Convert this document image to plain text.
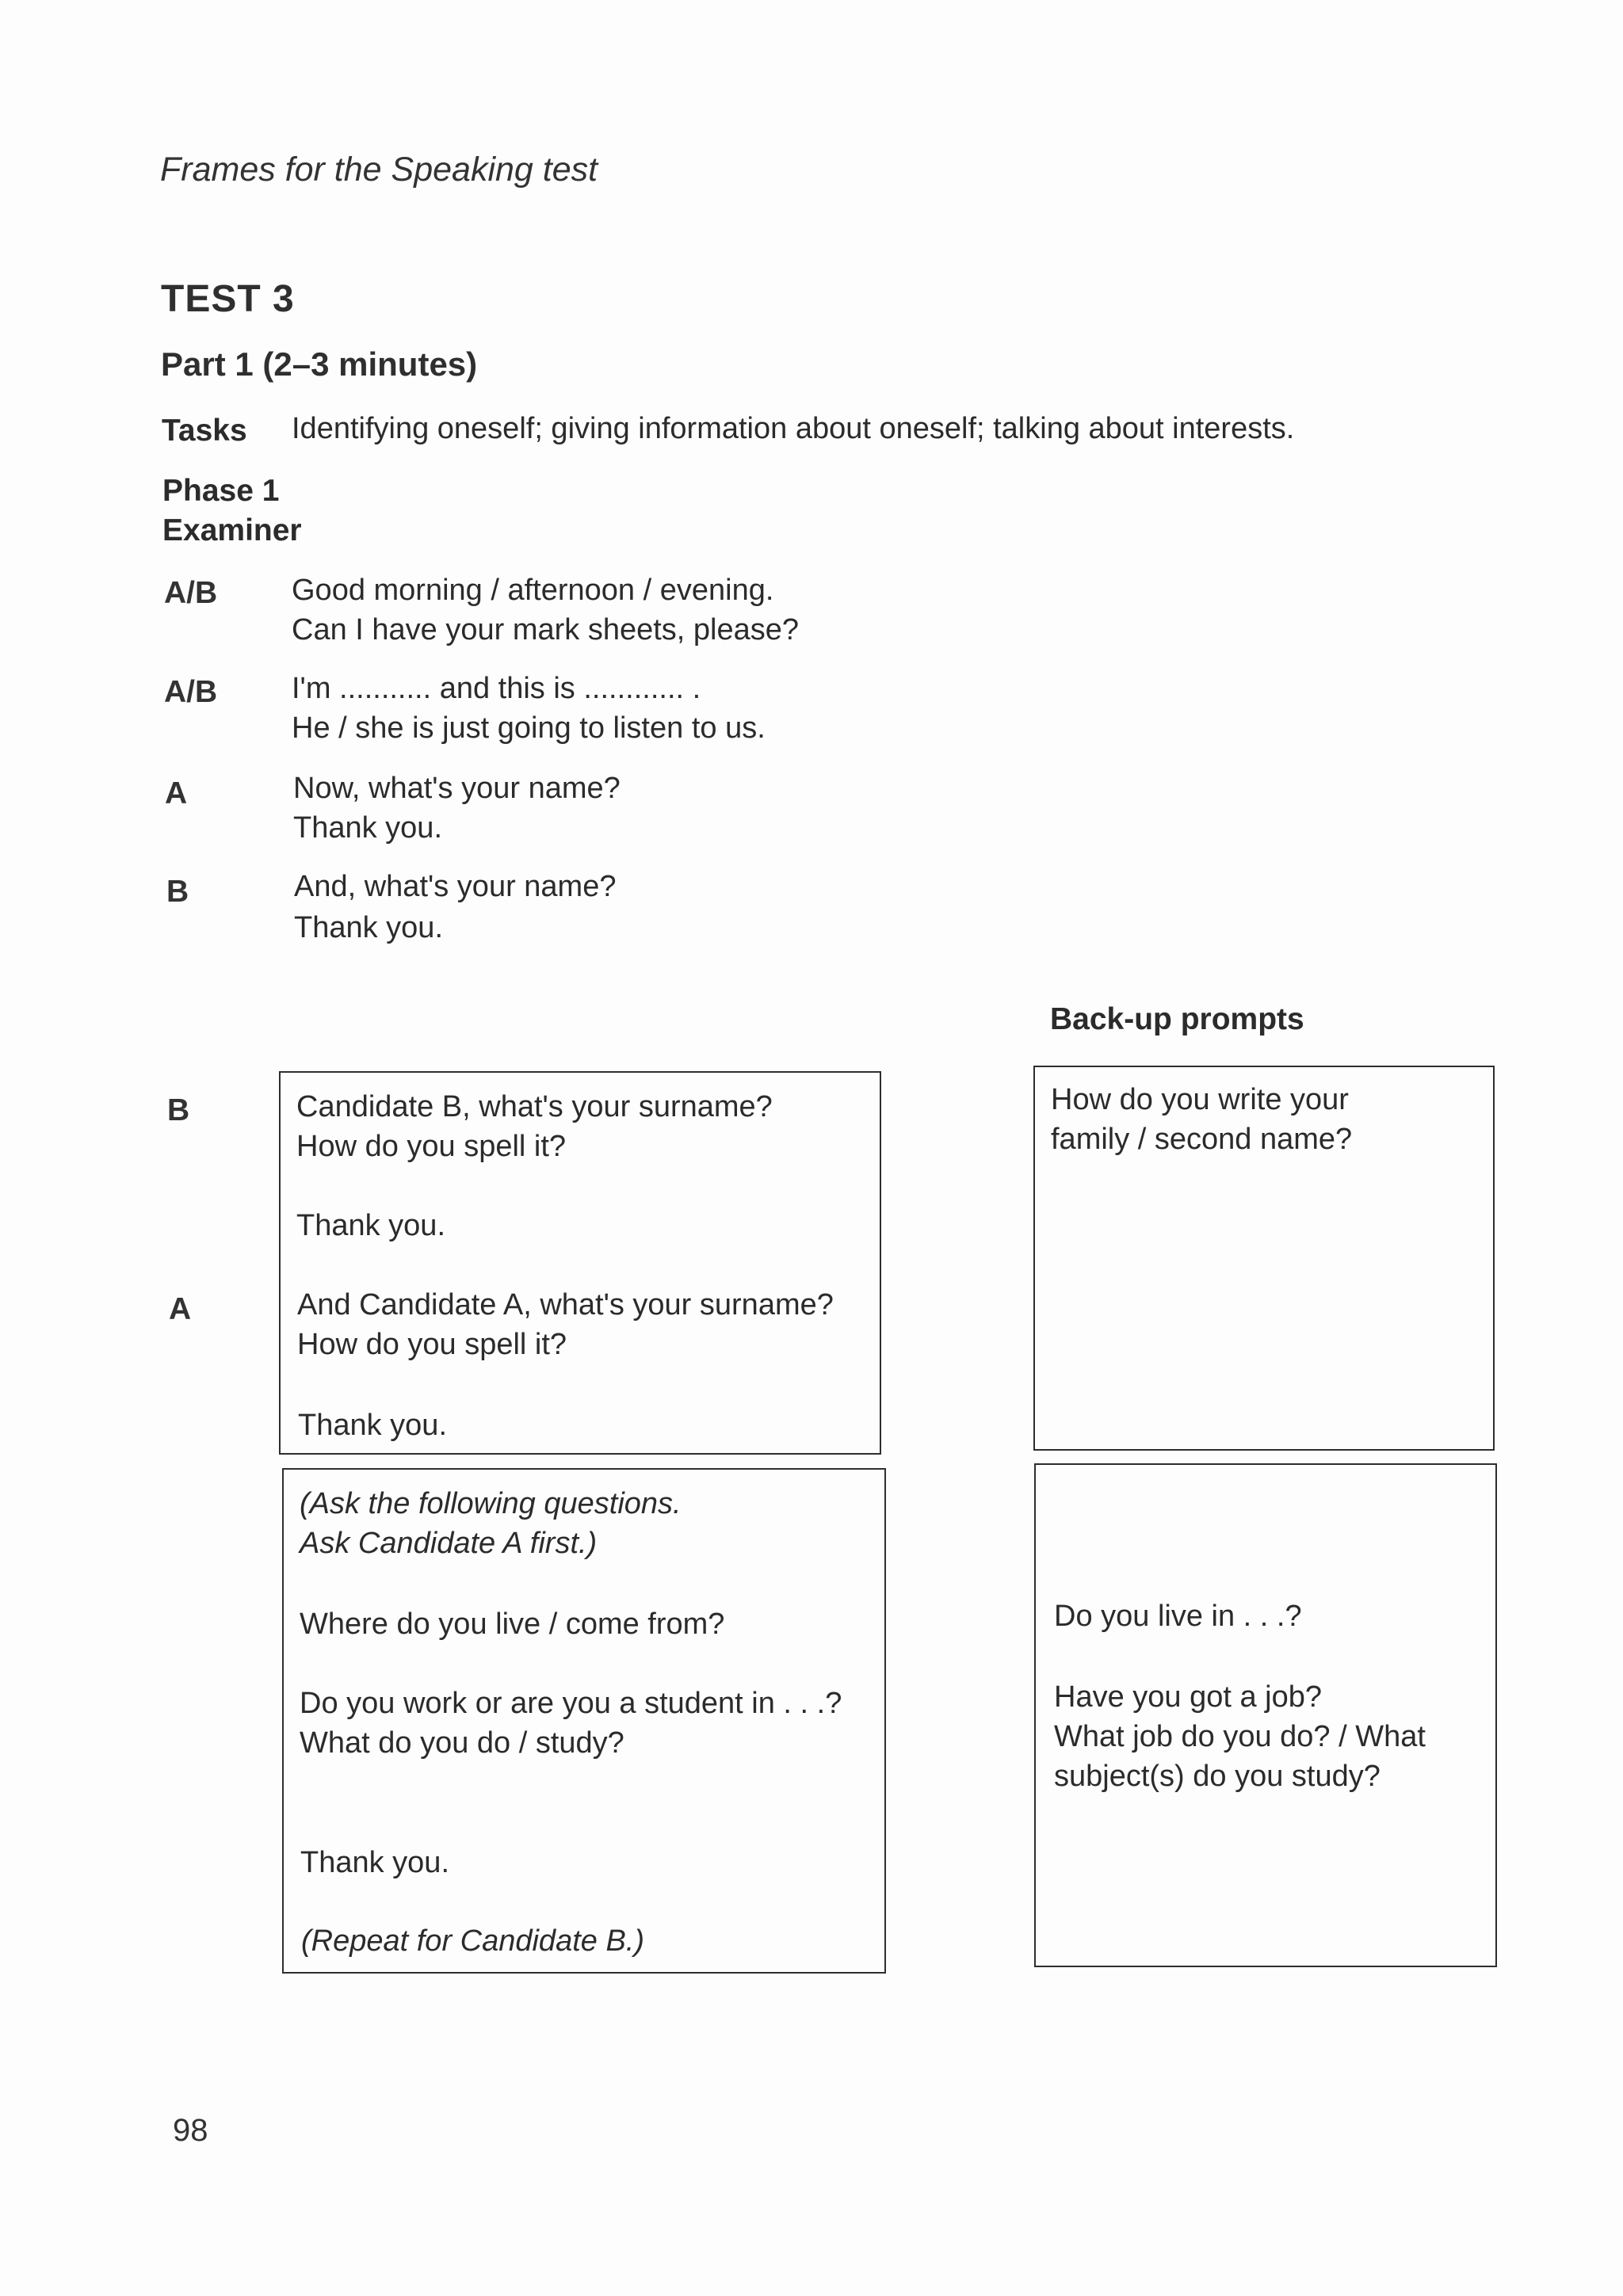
Frames for the Speaking test
TEST 3
Part 1 (2–3 minutes)
Tasks Identifying oneself; giving information about oneself; talking about interests.
Phase 1
Examiner
A/B Good morning / afternoon / evening.
Can I have your mark sheets, please?
A/B I'm ........... and this is ............ .
He / she is just going to listen to us.
A	Now, what's your name?
Thank you.
B	And, what's your name?
Thank you.
Back-up prompts
B
A
Candidate B, what's your surname?
How do you spell it?
Thank you.
And Candidate A, what's your surname?
How do you spell it?
Thank you.
How do you write your
family / second name?
(Ask the following questions.
Ask Candidate A first.)
Where do you live / come from?
Do you work or are you a student in . . .?
What do you do / study?
Thank you.
(Repeat for Candidate B.)
Do you live in . . .?
Have you got a job?
What job do you do? / What
subject(s) do you study?
98
